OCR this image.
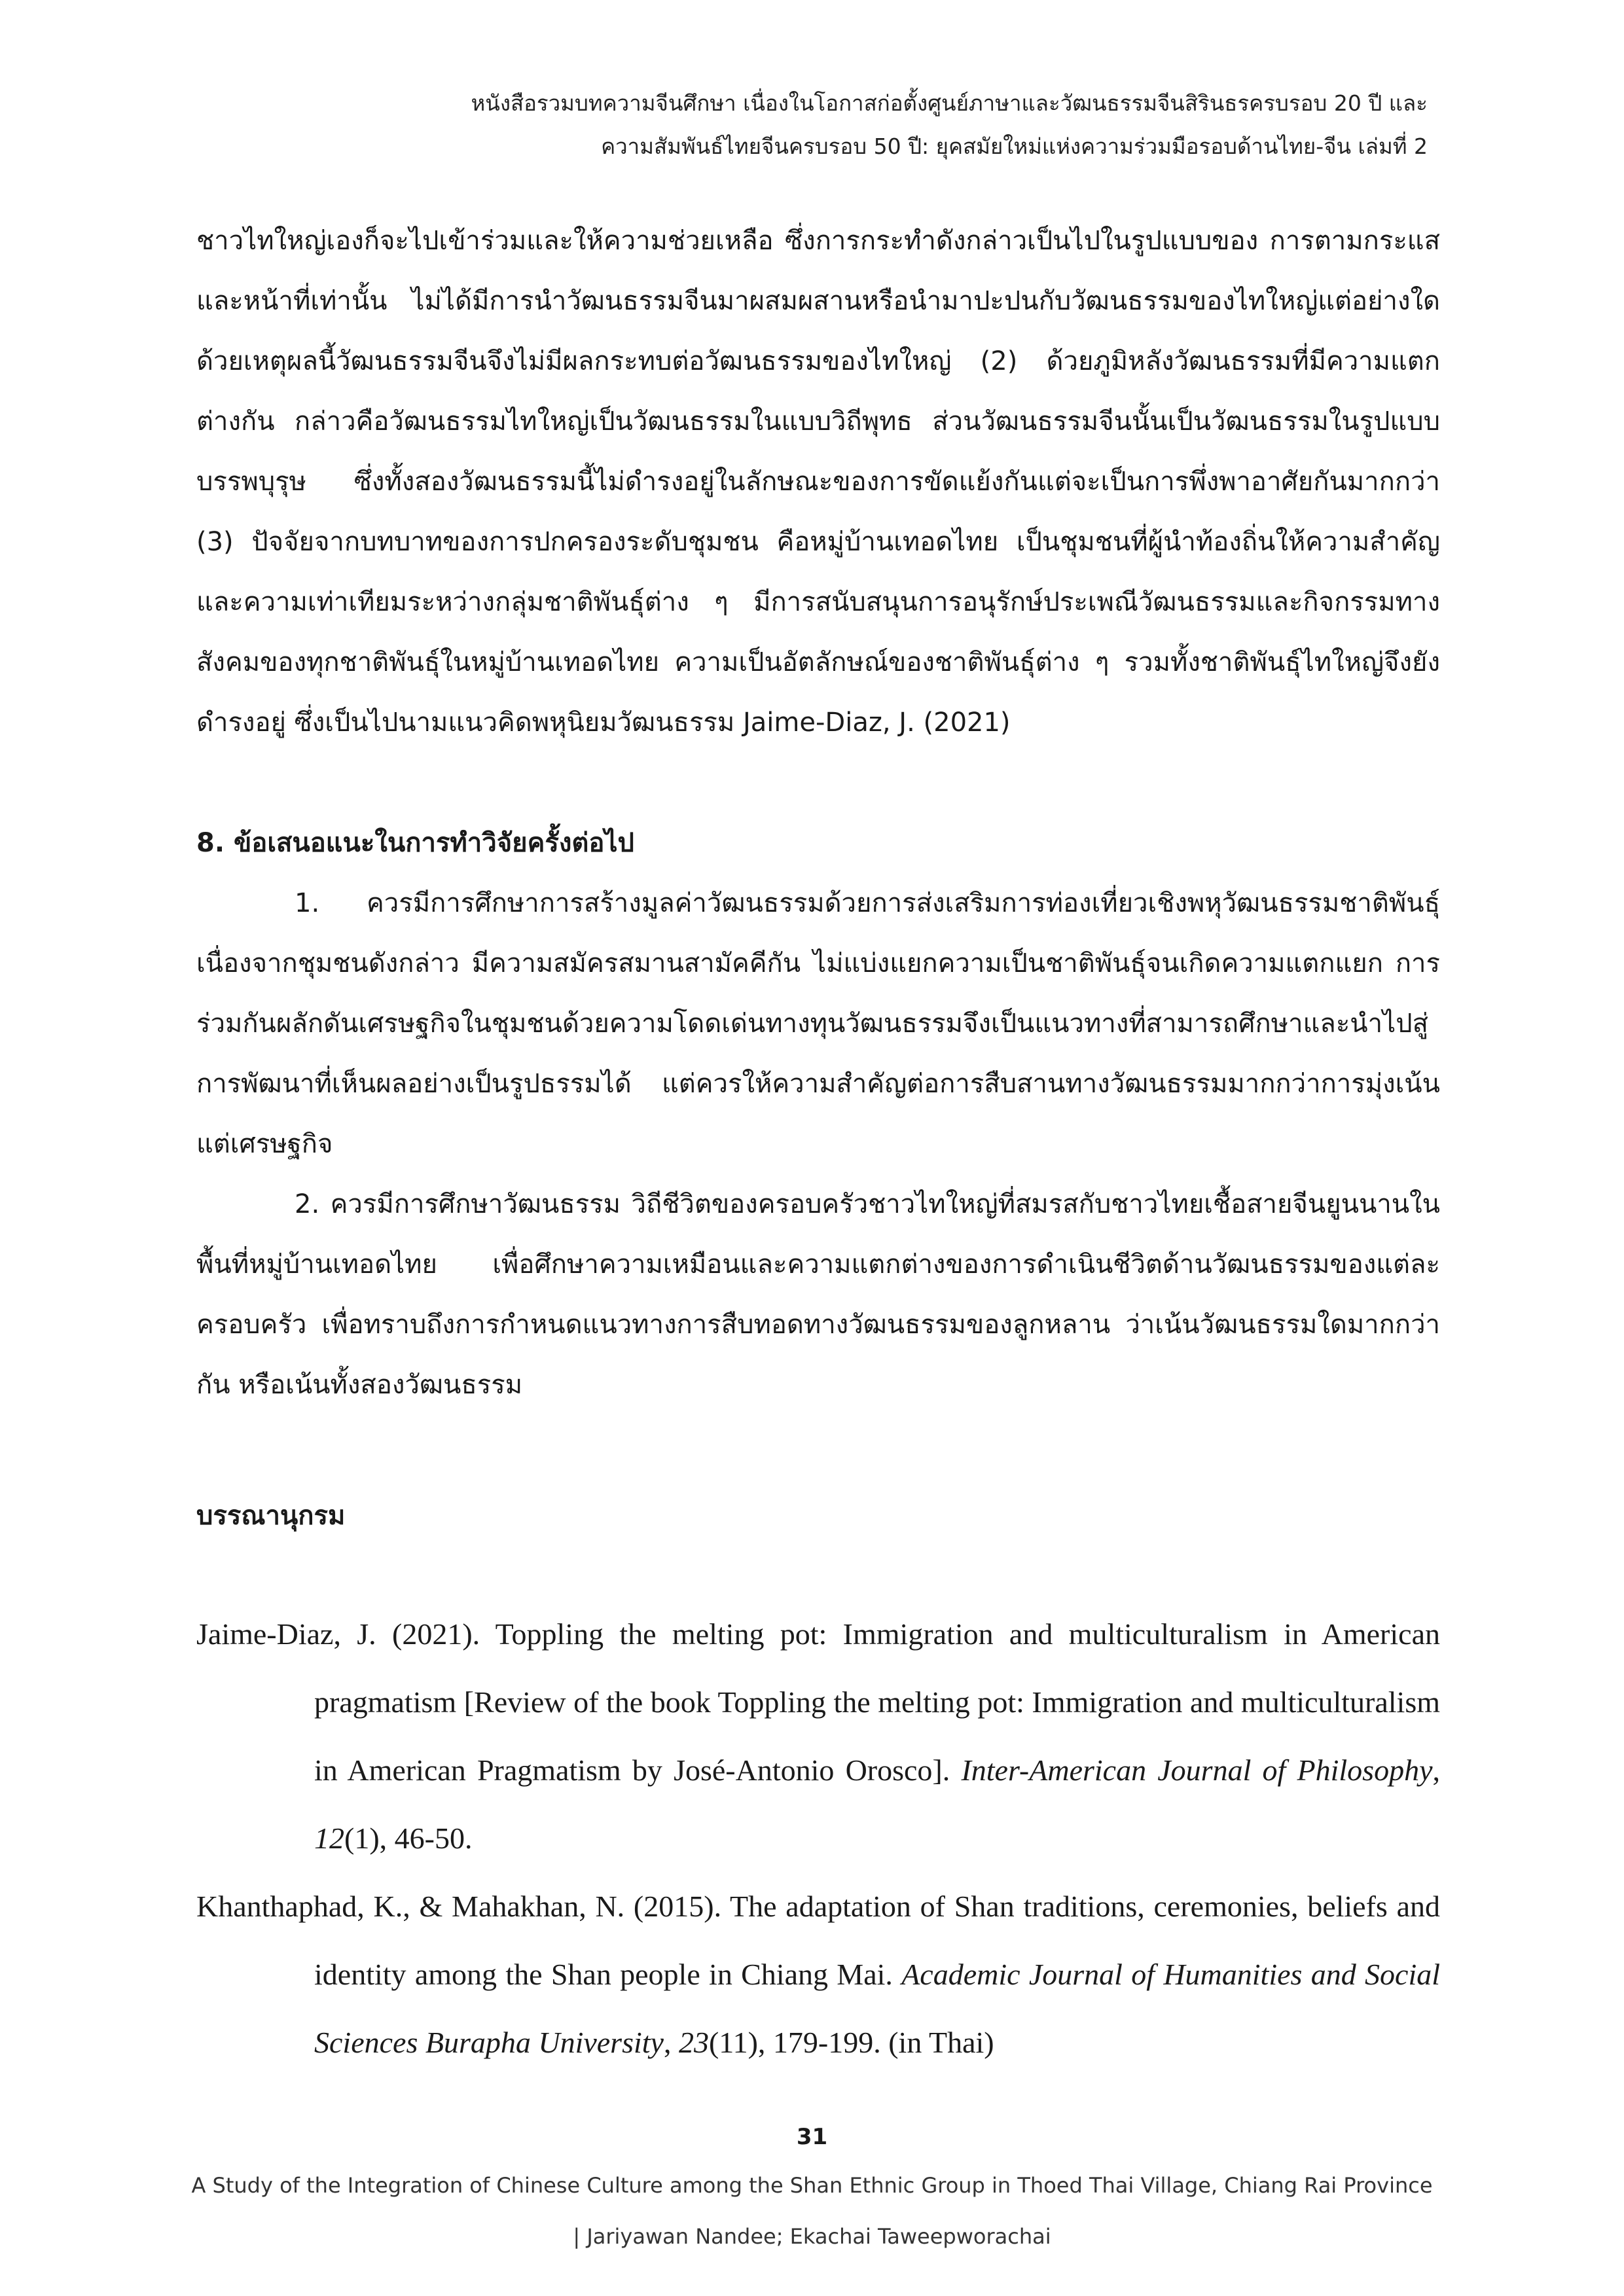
หนังสือรวมบทความจีนศึกษา เนื่องในโอกาสก่อตั้งศูนย์ภาษาและวัฒนธรรมจีนสิรินธรครบรอบ 20 ปี และ
ความสัมพันธ์ไทยจีนครบรอบ 50 ปี: ยุคสมัยใหม่แห่งความร่วมมือรอบด้านไทย-จีน เล่มที่ 2

ชาวไทใหญ่เองก็จะไปเข้าร่วมและให้ความช่วยเหลือ ซึ่งการกระทำดังกล่าวเป็นไปในรูปแบบของ การตามกระแสและหน้าที่เท่านั้น ไม่ได้มีการนำวัฒนธรรมจีนมาผสมผสานหรือนำมาปะปนกับวัฒนธรรมของไทใหญ่แต่อย่างใด ด้วยเหตุผลนี้วัฒนธรรมจีนจึงไม่มีผลกระทบต่อวัฒนธรรมของไทใหญ่ (2) ด้วยภูมิหลังวัฒนธรรมที่มีความแตกต่างกัน กล่าวคือวัฒนธรรมไทใหญ่เป็นวัฒนธรรมในแบบวิถีพุทธ ส่วนวัฒนธรรมจีนนั้นเป็นวัฒนธรรมในรูปแบบบรรพบุรุษ ซึ่งทั้งสองวัฒนธรรมนี้ไม่ดำรงอยู่ในลักษณะของการขัดแย้งกันแต่จะเป็นการพึ่งพาอาศัยกันมากกว่า (3) ปัจจัยจากบทบาทของการปกครองระดับชุมชน คือหมู่บ้านเทอดไทย เป็นชุมชนที่ผู้นำท้องถิ่นให้ความสำคัญและความเท่าเทียมระหว่างกลุ่มชาติพันธุ์ต่าง ๆ มีการสนับสนุนการอนุรักษ์ประเพณีวัฒนธรรมและกิจกรรมทางสังคมของทุกชาติพันธุ์ในหมู่บ้านเทอดไทย ความเป็นอัตลักษณ์ของชาติพันธุ์ต่าง ๆ รวมทั้งชาติพันธุ์ไทใหญ่จึงยังดำรงอยู่ ซึ่งเป็นไปนามแนวคิดพหุนิยมวัฒนธรรม Jaime-Diaz, J. (2021)

8. ข้อเสนอแนะในการทำวิจัยครั้งต่อไป

1. ควรมีการศึกษาการสร้างมูลค่าวัฒนธรรมด้วยการส่งเสริมการท่องเที่ยวเชิงพหุวัฒนธรรมชาติพันธุ์ เนื่องจากชุมชนดังกล่าว มีความสมัครสมานสามัคคีกัน ไม่แบ่งแยกความเป็นชาติพันธุ์จนเกิดความแตกแยก การร่วมกันผลักดันเศรษฐกิจในชุมชนด้วยความโดดเด่นทางทุนวัฒนธรรมจึงเป็นแนวทางที่สามารถศึกษาและนำไปสู่การพัฒนาที่เห็นผลอย่างเป็นรูปธรรมได้ แต่ควรให้ความสำคัญต่อการสืบสานทางวัฒนธรรมมากกว่าการมุ่งเน้นแต่เศรษฐกิจ

2. ควรมีการศึกษาวัฒนธรรม วิถีชีวิตของครอบครัวชาวไทใหญ่ที่สมรสกับชาวไทยเชื้อสายจีนยูนนานในพื้นที่หมู่บ้านเทอดไทย เพื่อศึกษาความเหมือนและความแตกต่างของการดำเนินชีวิตด้านวัฒนธรรมของแต่ละครอบครัว เพื่อทราบถึงการกำหนดแนวทางการสืบทอดทางวัฒนธรรมของลูกหลาน ว่าเน้นวัฒนธรรมใดมากกว่ากัน หรือเน้นทั้งสองวัฒนธรรม

บรรณานุกรม

Jaime-Diaz, J. (2021). Toppling the melting pot: Immigration and multiculturalism in American pragmatism [Review of the book Toppling the melting pot: Immigration and multiculturalism in American Pragmatism by José-Antonio Orosco]. Inter-American Journal of Philosophy, 12(1), 46-50.

Khanthaphad, K., & Mahakhan, N. (2015). The adaptation of Shan traditions, ceremonies, beliefs and identity among the Shan people in Chiang Mai. Academic Journal of Humanities and Social Sciences Burapha University, 23(11), 179-199. (in Thai)

31
A Study of the Integration of Chinese Culture among the Shan Ethnic Group in Thoed Thai Village, Chiang Rai Province
| Jariyawan Nandee; Ekachai Taweepworachai
